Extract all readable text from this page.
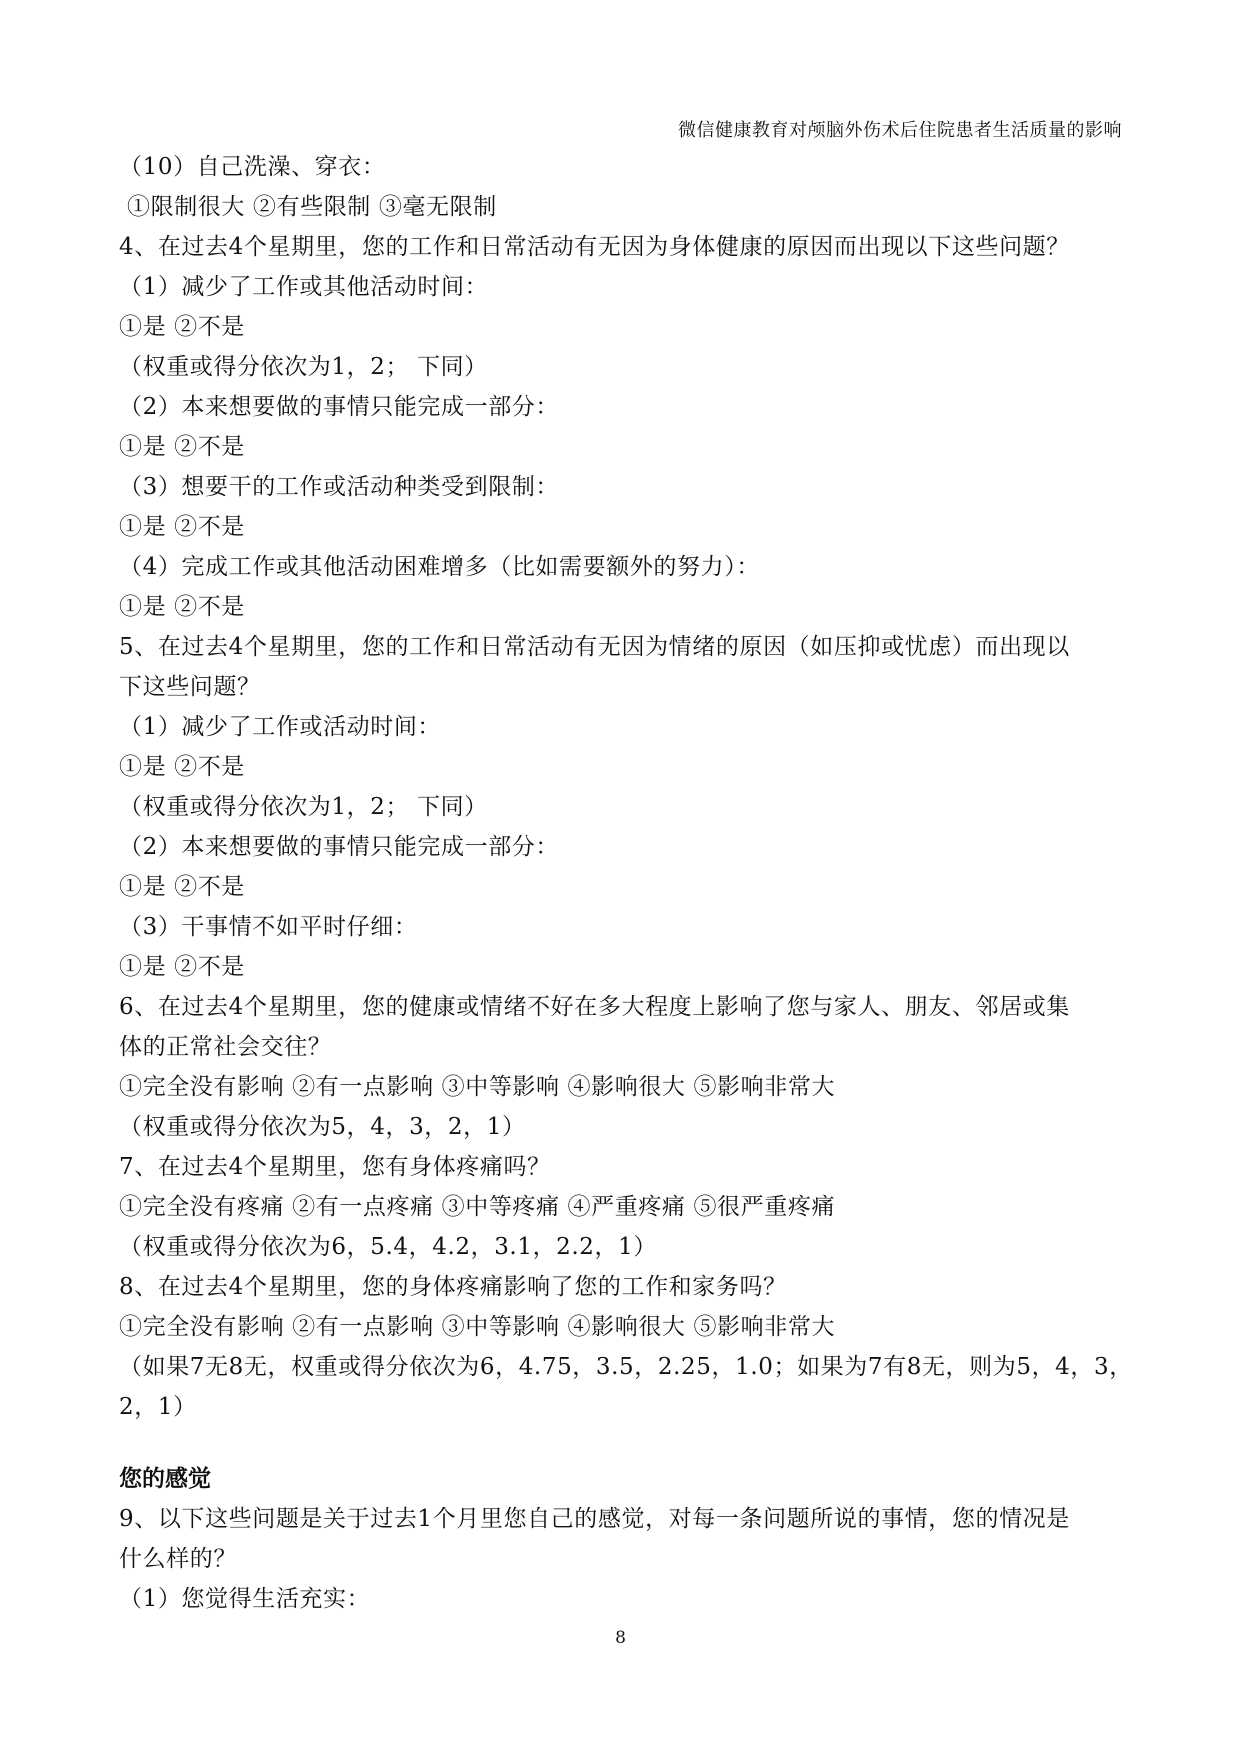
微信健康教育对颅脑外伤术后住院患者生活质量的影响
（10）自己洗澡、穿衣：
①限制很大 ②有些限制 ③毫无限制
4、在过去4个星期里，您的工作和日常活动有无因为身体健康的原因而出现以下这些问题？
（1）减少了工作或其他活动时间：
①是 ②不是
（权重或得分依次为1，2； 下同）
（2）本来想要做的事情只能完成一部分：
①是 ②不是
（3）想要干的工作或活动种类受到限制：
①是 ②不是
（4）完成工作或其他活动困难增多（比如需要额外的努力）：
①是 ②不是
5、在过去4个星期里，您的工作和日常活动有无因为情绪的原因（如压抑或忧虑）而出现以
下这些问题？
（1）减少了工作或活动时间：
①是 ②不是
（权重或得分依次为1，2； 下同）
（2）本来想要做的事情只能完成一部分：
①是 ②不是
（3）干事情不如平时仔细：
①是 ②不是
6、在过去4个星期里，您的健康或情绪不好在多大程度上影响了您与家人、朋友、邻居或集
体的正常社会交往？
①完全没有影响 ②有一点影响 ③中等影响 ④影响很大 ⑤影响非常大
（权重或得分依次为5，4，3，2，1）
7、在过去4个星期里，您有身体疼痛吗？
①完全没有疼痛 ②有一点疼痛 ③中等疼痛 ④严重疼痛 ⑤很严重疼痛
（权重或得分依次为6，5.4，4.2，3.1，2.2，1）
8、在过去4个星期里，您的身体疼痛影响了您的工作和家务吗？
①完全没有影响 ②有一点影响 ③中等影响 ④影响很大 ⑤影响非常大
（如果7无8无，权重或得分依次为6，4.75，3.5，2.25，1.0；如果为7有8无，则为5，4，3，
2，1）
您的感觉
9、以下这些问题是关于过去1个月里您自己的感觉，对每一条问题所说的事情，您的情况是
什么样的？
（1）您觉得生活充实：
8
